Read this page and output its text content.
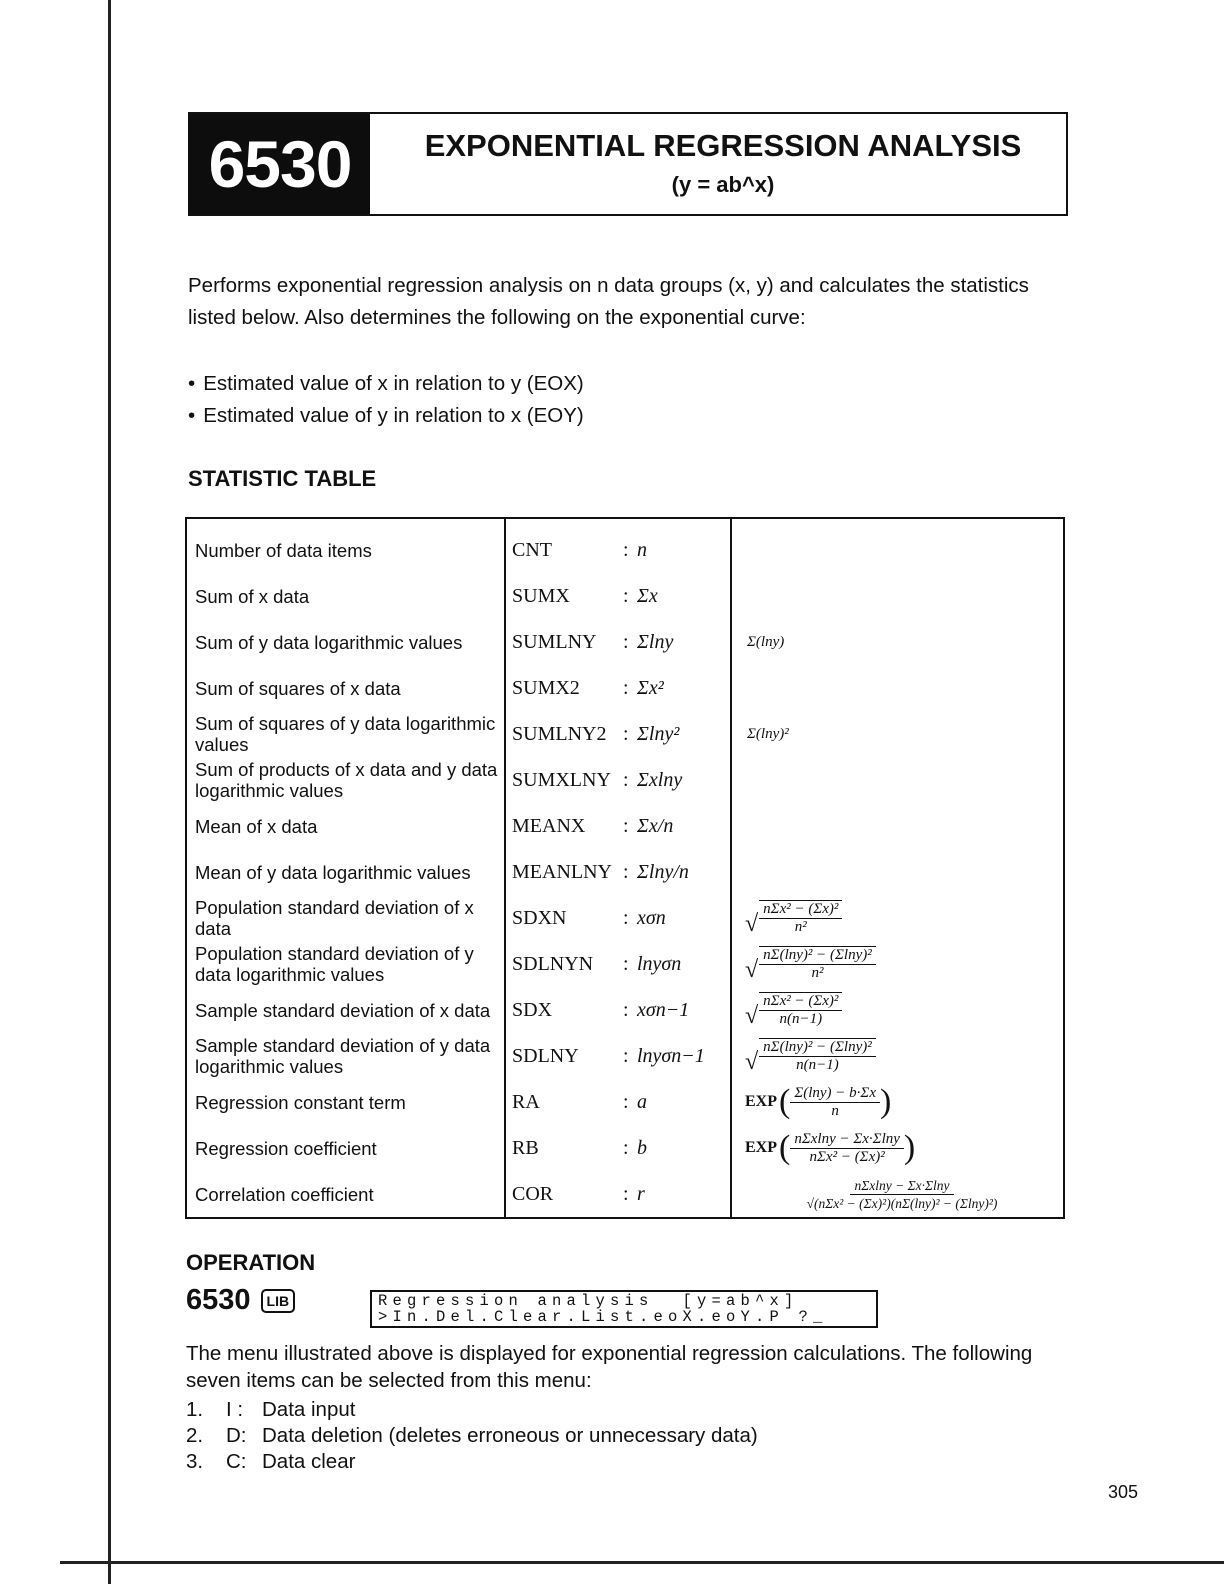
6530	EXPONENTIAL REGRESSION ANALYSIS
(y = ab^x)
Performs exponential regression analysis on n data groups (x, y) and calculates the statistics listed below. Also determines the following on the exponential curve:
• Estimated value of x in relation to y (EOX)
• Estimated value of y in relation to x (EOY)
STATISTIC TABLE
Number of data items	CNT	: n
Sum of x data	SUMX	: Σx
Sum of y data logarithmic values	SUMLNY : Σlny	Σ(lny)
Sum of squares of x data	SUMX2 : Σx²
Sum of squares of y data logarithmic values	SUMLNY2 : Σlny²	Σ(lny)²
Sum of products of x data and y data logarithmic values	SUMXLNY : Σxlny
Mean of x data	MEANX : Σx/n
Mean of y data logarithmic values	MEANLNY : Σlny/n
Population standard deviation of x data	SDXN	: xσn	√ $\frac{\text{nΣx² − (Σx)²}}{\text{n²}}$
Population standard deviation of y data logarithmic values	SDLNYN : lnyσn	√ $\frac{\text{nΣ(lny)² − (Σlny)²}}{\text{n²}}$
Sample standard deviation of x data	SDX	: xσn−1 √ $\frac{\text{nΣx² − (Σx)²}}{n(n-1)}$
Sample standard deviation of y data logarithmic values	SDLNY : lnyσn−1 √ $\frac{\text{nΣ(lny)² − (Σlny)²}}{n(n-1)}$
Regression constant term	RA	: a	EXP ( $\frac{\Sigma(\ln y) - b\cdot\Sigma x}{n}$ )
Regression coefficient	RB	: b	EXP ( $\frac{\text{nΣxlny − Σx·Σlny}}{\text{nΣx² − (Σx)²}}$ )
Correlation coefficient	COR	: r	$\frac{\text{nΣxlny − Σx·Σlny}}{\text{√(nΣx² − (Σx)²)(nΣ(lny)² − (Σlny)²)}}$
OPERATION
6530	LIB	Regression analysis  [y=ab^x]
>In.Del.Clear.List.eoX.eoY.P ?_
The menu illustrated above is displayed for exponential regression calculations. The following seven items can be selected from this menu:
1.	I : Data input
2.	D: Data deletion (deletes erroneous or unnecessary data)
3.	C: Data clear
305
